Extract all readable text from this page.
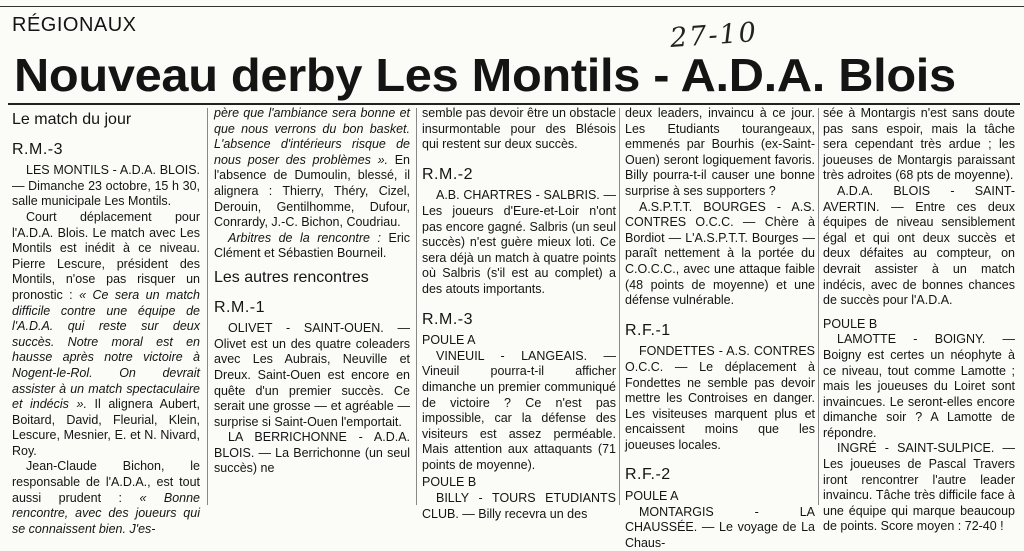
RÉGIONAUX	27-10
Nouveau derby Les Montils - A.D.A. Blois

Le match du jour

R.M.-3

LES MONTILS - A.D.A. BLOIS. — Dimanche 23 octobre, 15 h 30, salle municipale Les Montils.

Court déplacement pour l'A.D.A. Blois. Le match avec Les Montils est inédit à ce niveau. Pierre Lescure, président des Montils, n'ose pas risquer un pronostic : « Ce sera un match difficile contre une équipe de l'A.D.A. qui reste sur deux succès. Notre moral est en hausse après notre victoire à Nogent-le-Rol. On devrait assister à un match spectaculaire et indécis ». Il alignera Aubert, Boitard, David, Fleurial, Klein, Lescure, Mesnier, E. et N. Nivard, Roy.

Jean-Claude Bichon, le responsable de l'A.D.A., est tout aussi prudent : « Bonne rencontre, avec des joueurs qui se connaissent bien. J'es-

père que l'ambiance sera bonne et que nous verrons du bon basket. L'absence d'intérieurs risque de nous poser des problèmes ». En l'absence de Dumoulin, blessé, il alignera : Thierry, Théry, Cizel, Derouin, Gentilhomme, Dufour, Conrardy, J.-C. Bichon, Coudriau.

Arbitres de la rencontre : Eric Clément et Sébastien Bourneil.

Les autres rencontres

R.M.-1

OLIVET - SAINT-OUEN. — Olivet est un des quatre coleaders avec Les Aubrais, Neuville et Dreux. Saint-Ouen est encore en quête d'un premier succès. Ce serait une grosse — et agréable — surprise si Saint-Ouen l'emportait.

LA BERRICHONNE - A.D.A. BLOIS. — La Berrichonne (un seul succès) ne

semble pas devoir être un obstacle insurmontable pour des Blésois qui restent sur deux succès.

R.M.-2

A.B. CHARTRES - SALBRIS. — Les joueurs d'Eure-et-Loir n'ont pas encore gagné. Salbris (un seul succès) n'est guère mieux loti. Ce sera déjà un match à quatre points où Salbris (s'il est au complet) a des atouts importants.

R.M.-3

POULE A

VINEUIL - LANGEAIS. — Vineuil pourra-t-il afficher dimanche un premier communiqué de victoire ? Ce n'est pas impossible, car la défense des visiteurs est assez perméable. Mais attention aux attaquants (71 points de moyenne).

POULE B

BILLY - TOURS ETUDIANTS CLUB. — Billy recevra un des

deux leaders, invaincu à ce jour. Les Etudiants tourangeaux, emmenés par Bourhis (ex-Saint-Ouen) seront logiquement favoris. Billy pourra-t-il causer une bonne surprise à ses supporters ?

A.S.P.T.T. BOURGES - A.S. CONTRES O.C.C. — Chère à Bordiot — L'A.S.P.T.T. Bourges — paraît nettement à la portée du C.O.C.C., avec une attaque faible (48 points de moyenne) et une défense vulnérable.

R.F.-1

FONDETTES - A.S. CONTRES O.C.C. — Le déplacement à Fondettes ne semble pas devoir mettre les Controises en danger. Les visiteuses marquent plus et encaissent moins que les joueuses locales.

R.F.-2

POULE A

MONTARGIS - LA CHAUSSÉE. — Le voyage de La Chaus-

sée à Montargis n'est sans doute pas sans espoir, mais la tâche sera cependant très ardue ; les joueuses de Montargis paraissant très adroites (68 pts de moyenne).

A.D.A. BLOIS - SAINT-AVERTIN. — Entre ces deux équipes de niveau sensiblement égal et qui ont deux succès et deux défaites au compteur, on devrait assister à un match indécis, avec de bonnes chances de succès pour l'A.D.A.

POULE B

LAMOTTE - BOIGNY. — Boigny est certes un néophyte à ce niveau, tout comme Lamotte ; mais les joueuses du Loiret sont invaincues. Le seront-elles encore dimanche soir ? A Lamotte de répondre.

INGRÉ - SAINT-SULPICE. — Les joueuses de Pascal Travers iront rencontrer l'autre leader invaincu. Tâche très difficile face à une équipe qui marque beaucoup de points. Score moyen : 72-40 !
